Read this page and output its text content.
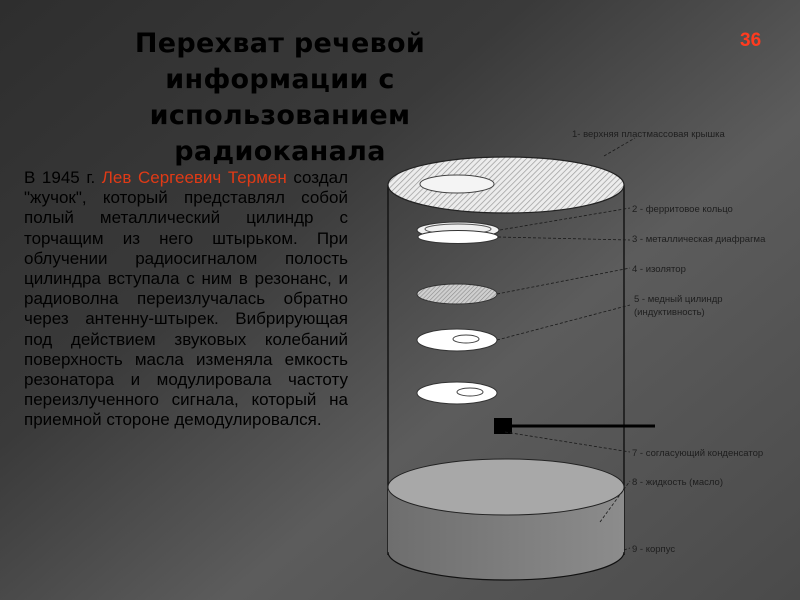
Перехват речевой информации с использованием радиоканала
36
В 1945 г. Лев Сергеевич Термен создал "жучок", который представлял собой полый металлический цилиндр с торчащим из него штырьком. При облучении радиосигналом полость цилиндра вступала с ним в резонанс, и радиоволна переизлучалась обратно через антенну-штырек. Вибрирующая под действием звуковых колебаний поверхность масла изменяла емкость резонатора и модулировала частоту переизлученного сигнала, который на приемной стороне демодулировался.
1- верхняя пластмассовая крышка
2 - ферритовое кольцо
3 - металлическая диафрагма
4 - изолятор
5 - медный цилиндр
(индуктивность)
7 - согласующий конденсатор
8 - жидкость (масло)
9 - корпус
